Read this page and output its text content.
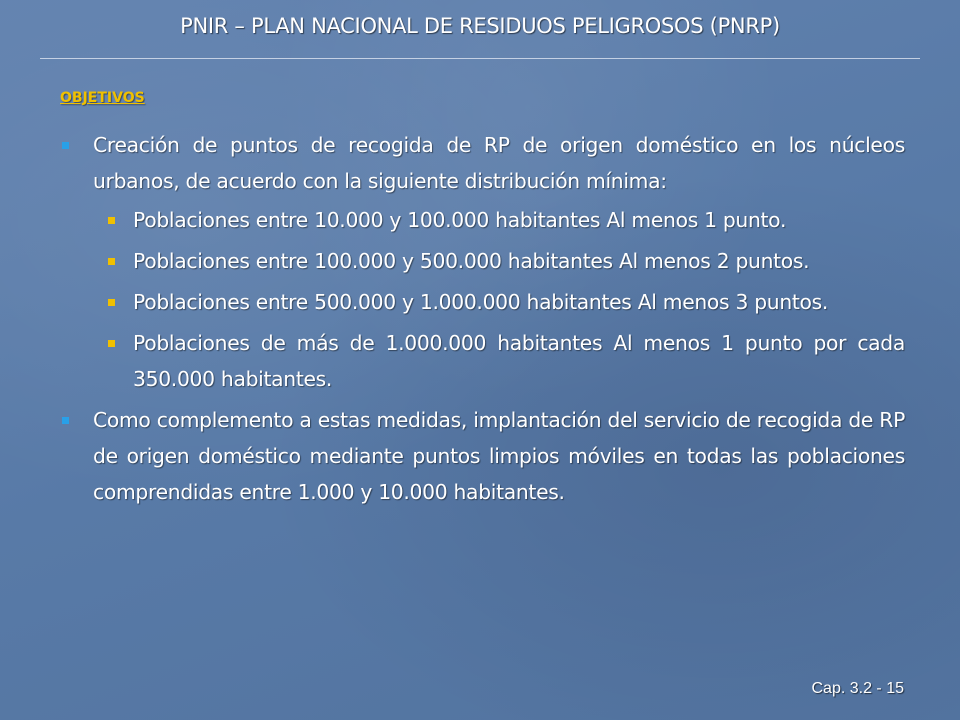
PNIR – PLAN NACIONAL DE RESIDUOS PELIGROSOS (PNRP)
OBJETIVOS
Creación de puntos de recogida de RP de origen doméstico en los núcleos urbanos, de acuerdo con la siguiente distribución mínima:
Poblaciones entre 10.000 y 100.000 habitantes Al menos 1 punto.
Poblaciones entre 100.000 y 500.000 habitantes Al menos 2 puntos.
Poblaciones entre 500.000 y 1.000.000 habitantes Al menos 3 puntos.
Poblaciones de más de 1.000.000 habitantes Al menos 1 punto por cada 350.000 habitantes.
Como complemento a estas medidas, implantación del servicio de recogida de RP de origen doméstico mediante puntos limpios móviles en todas las poblaciones comprendidas entre 1.000 y 10.000 habitantes.
Cap. 3.2 - 15
